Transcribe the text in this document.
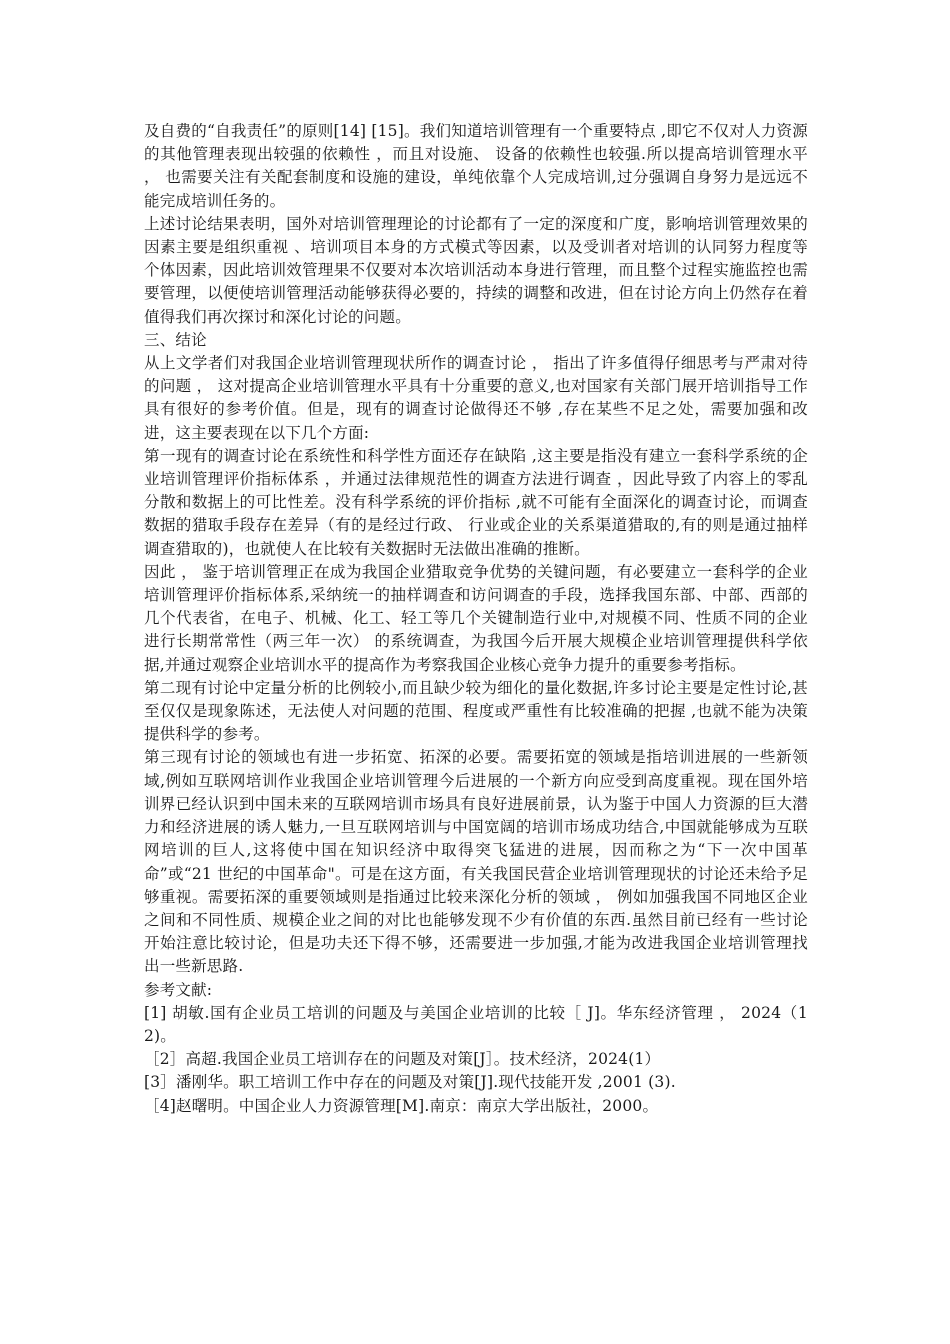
及自费的“自我责任”的原则[14] [15]。我们知道培训管理有一个重要特点 ,即它不仅对人力资源的其他管理表现出较强的依赖性 ，而且对设施、 设备的依赖性也较强.所以提高培训管理水平 ， 也需要关注有关配套制度和设施的建设，单纯依靠个人完成培训,过分强调自身努力是远远不能完成培训任务的。

上述讨论结果表明，国外对培训管理理论的讨论都有了一定的深度和广度，影响培训管理效果的因素主要是组织重视 、培训项目本身的方式模式等因素，以及受训者对培训的认同努力程度等个体因素，因此培训效管理果不仅要对本次培训活动本身进行管理，而且整个过程实施监控也需要管理，以便使培训管理活动能够获得必要的，持续的调整和改进，但在讨论方向上仍然存在着值得我们再次探讨和深化讨论的问题。

三、结论

从上文学者们对我国企业培训管理现状所作的调查讨论 ， 指出了许多值得仔细思考与严肃对待的问题 ， 这对提高企业培训管理水平具有十分重要的意义,也对国家有关部门展开培训指导工作具有很好的参考价值。但是，现有的调查讨论做得还不够 ,存在某些不足之处，需要加强和改进，这主要表现在以下几个方面:

第一现有的调查讨论在系统性和科学性方面还存在缺陷 ,这主要是指没有建立一套科学系统的企业培训管理评价指标体系 ，并通过法律规范性的调查方法进行调查 ，因此导致了内容上的零乱分散和数据上的可比性差。没有科学系统的评价指标 ,就不可能有全面深化的调查讨论，而调查数据的猎取手段存在差异（有的是经过行政、 行业或企业的关系渠道猎取的,有的则是通过抽样调查猎取的)，也就使人在比较有关数据时无法做出准确的推断。

因此 ， 鉴于培训管理正在成为我国企业猎取竞争优势的关键问题，有必要建立一套科学的企业培训管理评价指标体系,采纳统一的抽样调查和访问调查的手段，选择我国东部、中部、西部的几个代表省，在电子、机械、化工、轻工等几个关键制造行业中,对规模不同、性质不同的企业进行长期常常性（两三年一次） 的系统调查，为我国今后开展大规模企业培训管理提供科学依据,并通过观察企业培训水平的提高作为考察我国企业核心竞争力提升的重要参考指标。

第二现有讨论中定量分析的比例较小,而且缺少较为细化的量化数据,许多讨论主要是定性讨论,甚至仅仅是现象陈述，无法使人对问题的范围、程度或严重性有比较准确的把握 ,也就不能为决策提供科学的参考。

第三现有讨论的领域也有进一步拓宽、拓深的必要。需要拓宽的领域是指培训进展的一些新领域,例如互联网培训作业我国企业培训管理今后进展的一个新方向应受到高度重视。现在国外培训界已经认识到中国未来的互联网培训市场具有良好进展前景，认为鉴于中国人力资源的巨大潜力和经济进展的诱人魅力,一旦互联网培训与中国宽阔的培训市场成功结合,中国就能够成为互联网培训的巨人,这将使中国在知识经济中取得突飞猛进的进展，因而称之为“下一次中国革命”或“21 世纪的中国革命"。可是在这方面，有关我国民营企业培训管理现状的讨论还未给予足够重视。需要拓深的重要领域则是指通过比较来深化分析的领域 ， 例如加强我国不同地区企业之间和不同性质、规模企业之间的对比也能够发现不少有价值的东西.虽然目前已经有一些讨论开始注意比较讨论，但是功夫还下得不够，还需要进一步加强,才能为改进我国企业培训管理找出一些新思路.

参考文献:

[1] 胡敏.国有企业员工培训的问题及与美国企业培训的比较［ J]。华东经济管理 ， 2024（12)。

［2］高超.我国企业员工培训存在的问题及对策[J］。技术经济，2024(1）

[3］潘刚华。职工培训工作中存在的问题及对策[J].现代技能开发 ,2001 (3).

［4]赵曙明。中国企业人力资源管理[M].南京：南京大学出版社，2000。
